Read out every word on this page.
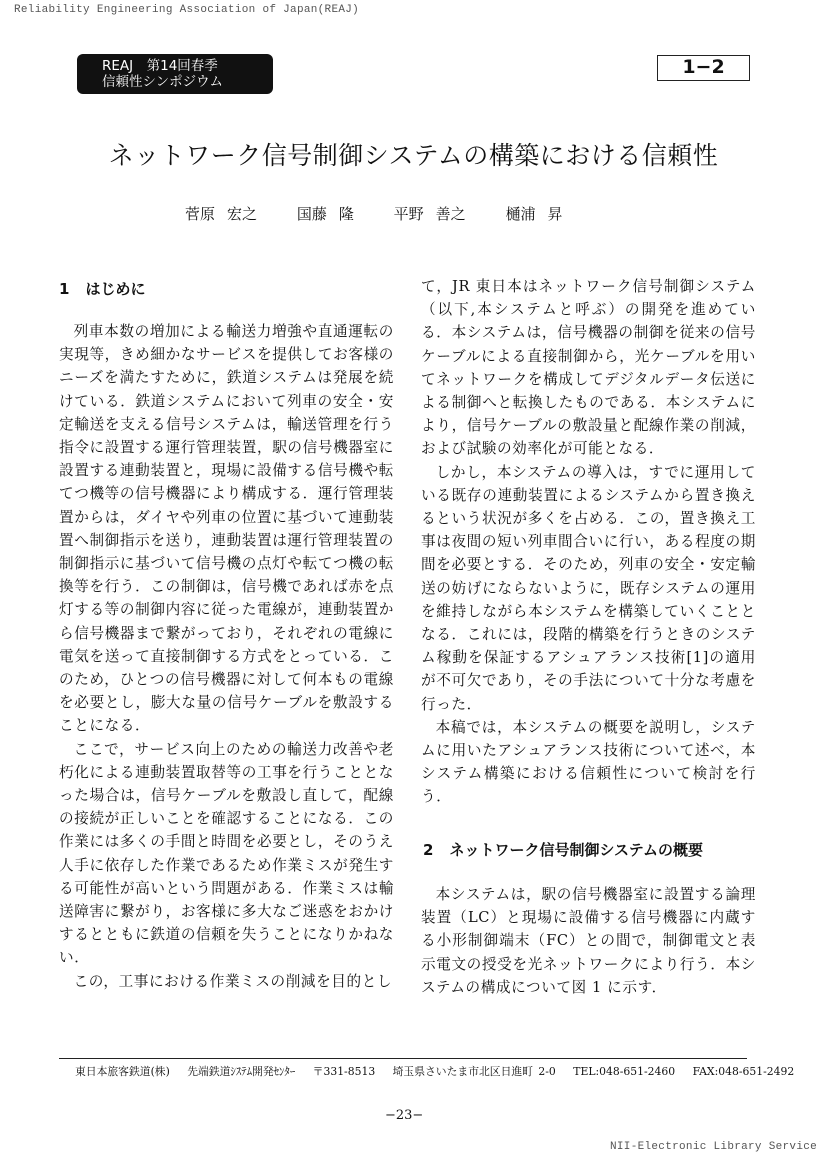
Reliability Engineering Association of Japan(REAJ)
REAJ　第14回春季
信頼性シンポジウム
1−2
ネットワーク信号制御システムの構築における信頼性
菅原 宏之	国藤 隆	平野 善之	樋浦 昇
1 はじめに

列車本数の増加による輸送力増強や直通運転の実現等，きめ細かなサービスを提供してお客様のニーズを満たすために，鉄道システムは発展を続けている．鉄道システムにおいて列車の安全・安定輸送を支える信号システムは，輸送管理を行う指令に設置する運行管理装置，駅の信号機器室に設置する連動装置と，現場に設備する信号機や転てつ機等の信号機器により構成する．運行管理装置からは，ダイヤや列車の位置に基づいて連動装置へ制御指示を送り，連動装置は運行管理装置の制御指示に基づいて信号機の点灯や転てつ機の転換等を行う．この制御は，信号機であれば赤を点灯する等の制御内容に従った電線が，連動装置から信号機器まで繋がっており，それぞれの電線に電気を送って直接制御する方式をとっている．このため，ひとつの信号機器に対して何本もの電線を必要とし，膨大な量の信号ケーブルを敷設することになる．

ここで，サービス向上のための輸送力改善や老朽化による連動装置取替等の工事を行うこととなった場合は，信号ケーブルを敷設し直して，配線の接続が正しいことを確認することになる．この作業には多くの手間と時間を必要とし，そのうえ人手に依存した作業であるため作業ミスが発生する可能性が高いという問題がある．作業ミスは輸送障害に繋がり，お客様に多大なご迷惑をおかけするとともに鉄道の信頼を失うことになりかねない．

この，工事における作業ミスの削減を目的とし

て，JR 東日本はネットワーク信号制御システム（以下,本システムと呼ぶ）の開発を進めている．本システムは，信号機器の制御を従来の信号ケーブルによる直接制御から，光ケーブルを用いてネットワークを構成してデジタルデータ伝送による制御へと転換したものである．本システムにより，信号ケーブルの敷設量と配線作業の削減，および試験の効率化が可能となる．

しかし，本システムの導入は，すでに運用している既存の連動装置によるシステムから置き換えるという状況が多くを占める．この，置き換え工事は夜間の短い列車間合いに行い，ある程度の期間を必要とする．そのため，列車の安全・安定輸送の妨げにならないように，既存システムの運用を維持しながら本システムを構築していくこととなる．これには，段階的構築を行うときのシステム稼動を保証するアシュアランス技術[1]の適用が不可欠であり，その手法について十分な考慮を行った．

本稿では，本システムの概要を説明し，システムに用いたアシュアランス技術について述べ，本システム構築における信頼性について検討を行う．

2 ネットワーク信号制御システムの概要

本システムは，駅の信号機器室に設置する論理装置（LC）と現場に設備する信号機器に内蔵する小形制御端末（FC）との間で，制御電文と表示電文の授受を光ネットワークにより行う．本システムの構成について図 1 に示す．

東日本旅客鉄道(株) 先端鉄道ｼｽﾃﾑ開発ｾﾝﾀｰ 〒331-8513 埼玉県さいたま市北区日進町 2-0 TEL:048-651-2460 FAX:048-651-2492
−23−
NII-Electronic Library Service
